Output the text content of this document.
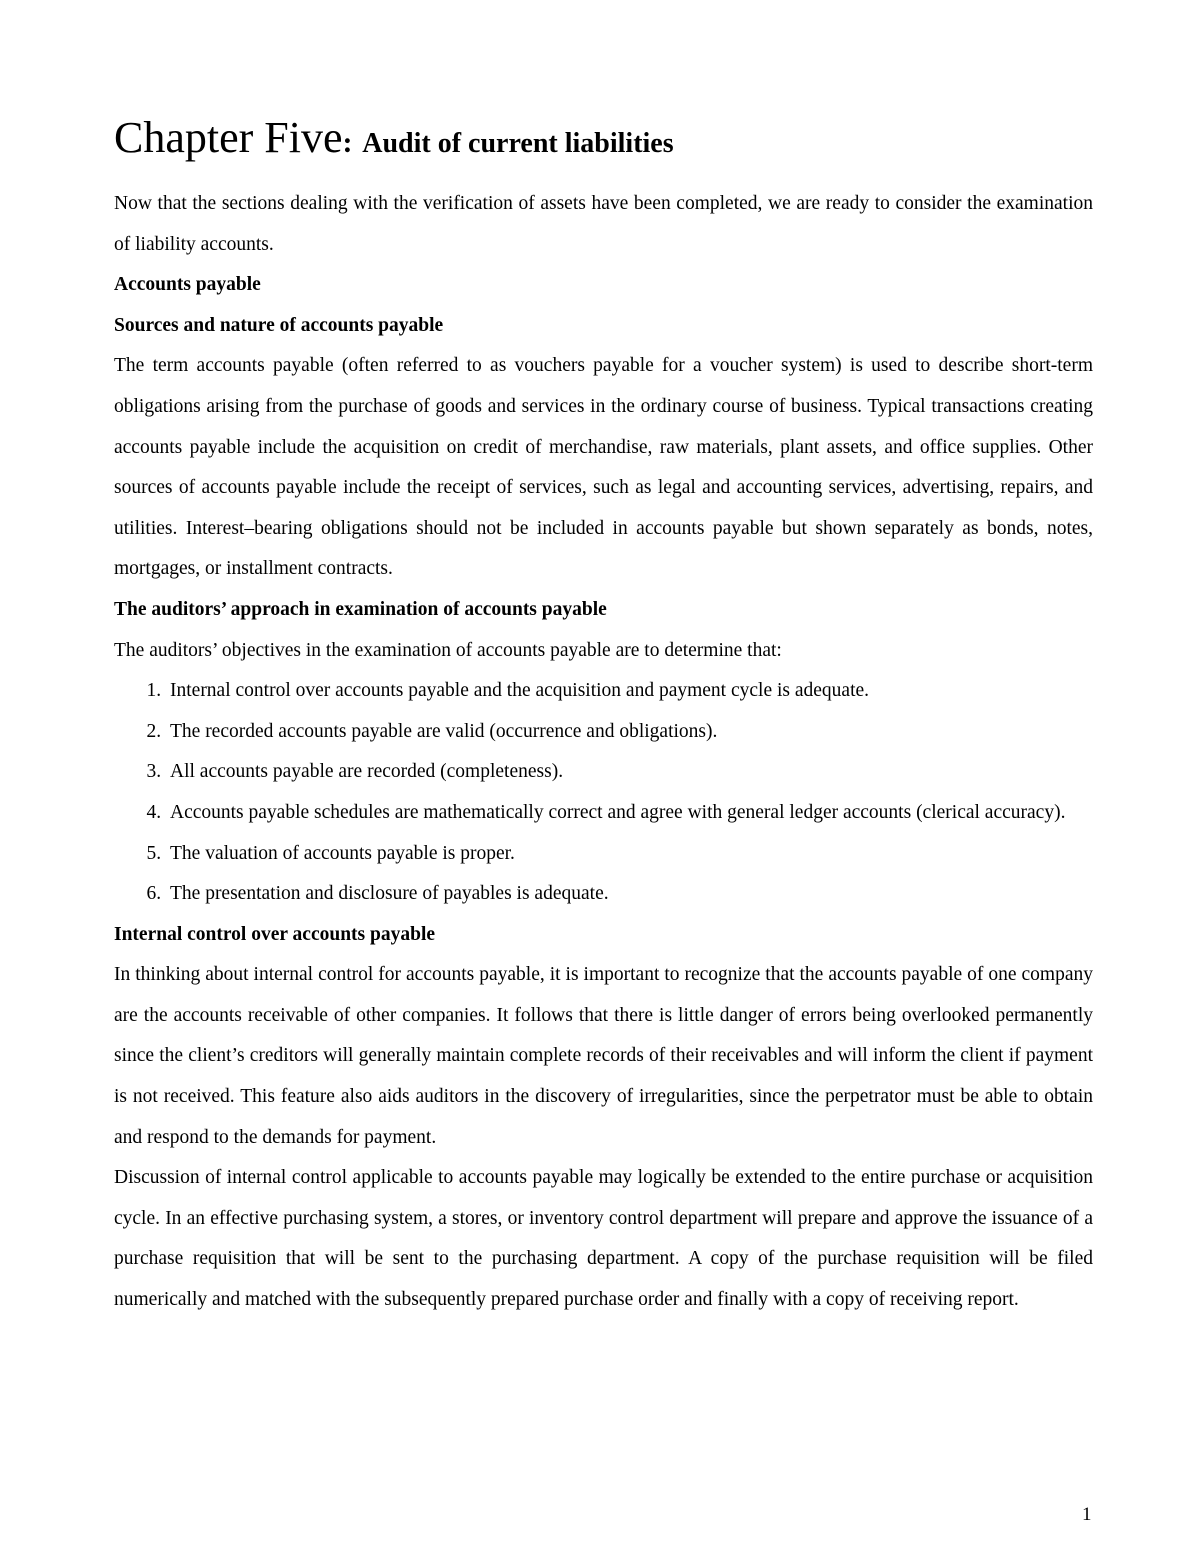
Chapter Five: Audit of current liabilities

Now that the sections dealing with the verification of assets have been completed, we are ready to consider the examination of liability accounts.

Accounts payable
Sources and nature of accounts payable

The term accounts payable (often referred to as vouchers payable for a voucher system) is used to describe short-term obligations arising from the purchase of goods and services in the ordinary course of business. Typical transactions creating accounts payable include the acquisition on credit of merchandise, raw materials, plant assets, and office supplies. Other sources of accounts payable include the receipt of services, such as legal and accounting services, advertising, repairs, and utilities. Interest–bearing obligations should not be included in accounts payable but shown separately as bonds, notes, mortgages, or installment contracts.

The auditors’ approach in examination of accounts payable

The auditors’ objectives in the examination of accounts payable are to determine that:

1. Internal control over accounts payable and the acquisition and payment cycle is adequate.
2. The recorded accounts payable are valid (occurrence and obligations).
3. All accounts payable are recorded (completeness).
4. Accounts payable schedules are mathematically correct and agree with general ledger accounts (clerical accuracy).
5. The valuation of accounts payable is proper.
6. The presentation and disclosure of payables is adequate.
Internal control over accounts payable

In thinking about internal control for accounts payable, it is important to recognize that the accounts payable of one company are the accounts receivable of other companies. It follows that there is little danger of errors being overlooked permanently since the client’s creditors will generally maintain complete records of their receivables and will inform the client if payment is not received. This feature also aids auditors in the discovery of irregularities, since the perpetrator must be able to obtain and respond to the demands for payment.

Discussion of internal control applicable to accounts payable may logically be extended to the entire purchase or acquisition cycle. In an effective purchasing system, a stores, or inventory control department will prepare and approve the issuance of a purchase requisition that will be sent to the purchasing department. A copy of the purchase requisition will be filed numerically and matched with the subsequently prepared purchase order and finally with a copy of receiving report.

1
